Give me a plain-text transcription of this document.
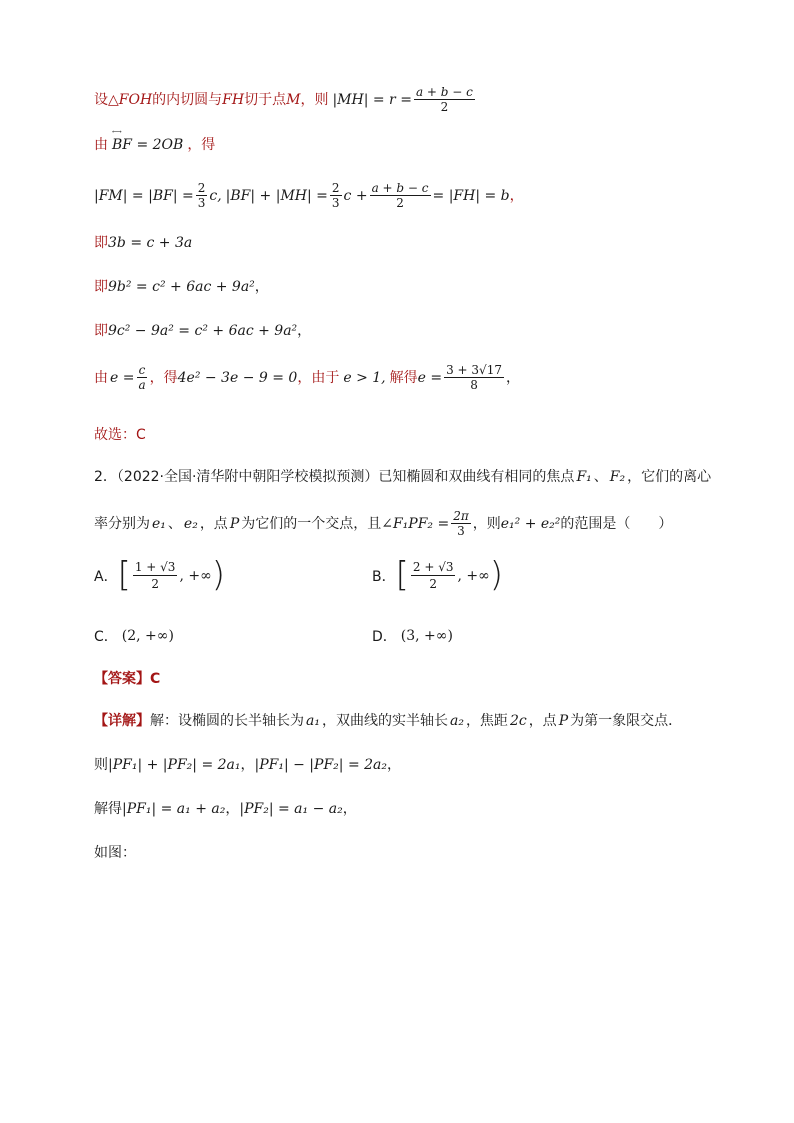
设 △FOH 的内切圆与 FH 切于点 M ，则 $|MH| = r = \frac{a + b - c}{2}$
由
←→ BF = 2OB ，得
$|FM| = |BF| = \frac{2}{3} c$, $|BF| + |MH| = \frac{2}{3}$ $c + \frac{a + b - c}{2} = |FH| = b$ ，
即 3b = c + 3a
即 9b² = c² + 6ac + 9a² ，
即 9c² − 9a² = c² + 6ac + 9a² ，
由 $e = \frac{c}{a}$ ，得 4e² − 3e − 9 = 0 ，由于 e > 1, 解得 $e = \frac{3 + 3√17}{8}$ ，
故选：C
2．（2022·全国·清华附中朝阳学校模拟预测）已知椭圆和双曲线有相同的焦点 F₁ 、 F₂ ，它们的离心
率分别为 e₁ 、 e₂ ，点 P 为它们的一个交点，且 ∠F₁PF₂ = $\frac{2\pi}{3}$ ，则 e₁² + e₂² 的范围是（　　）
A． [ $\frac{1 + √3}{2}$ , +∞ )	B． [ $\frac{2 + √3}{2}$ , +∞ )
C． (2, +∞)	D． (3, +∞)
【答案】 C
【详解】 解：设椭圆的长半轴长为 a₁ ，双曲线的实半轴长 a₂ ，焦距 2c ，点 P 为第一象限交点．
则 |PF₁| + |PF₂| = 2a₁ ， |PF₁| − |PF₂| = 2a₂ ，
解得 |PF₁| = a₁ + a₂ ， |PF₂| = a₁ − a₂ ，
如图：
